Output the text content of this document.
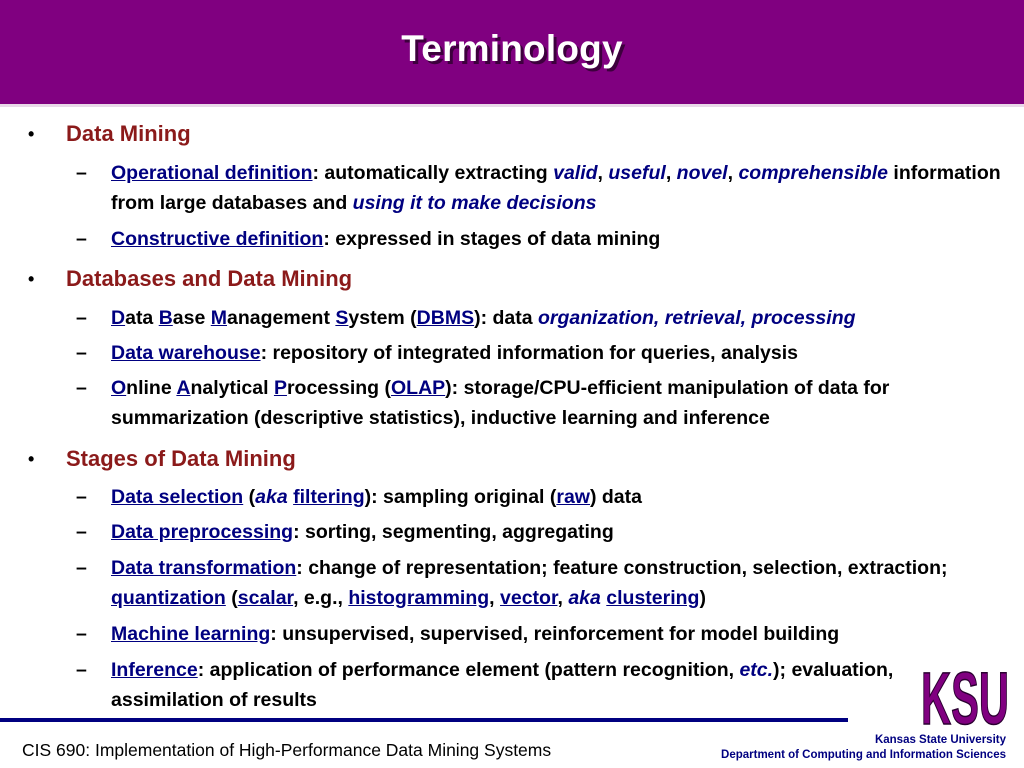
Terminology
• Data Mining
– Operational definition: automatically extracting valid, useful, novel, comprehensible information from large databases and using it to make decisions
– Constructive definition: expressed in stages of data mining
• Databases and Data Mining
– Data Base Management System (DBMS): data organization, retrieval, processing
– Data warehouse: repository of integrated information for queries, analysis
– Online Analytical Processing (OLAP): storage/CPU-efficient manipulation of data for summarization (descriptive statistics), inductive learning and inference
• Stages of Data Mining
– Data selection (aka filtering): sampling original (raw) data
– Data preprocessing: sorting, segmenting, aggregating
– Data transformation: change of representation; feature construction, selection, extraction; quantization (scalar, e.g., histogramming, vector, aka clustering)
– Machine learning: unsupervised, supervised, reinforcement for model building
– Inference: application of performance element (pattern recognition, etc.); evaluation, assimilation of results
CIS 690: Implementation of High-Performance Data Mining Systems
KSU
Kansas State University
Department of Computing and Information Sciences
